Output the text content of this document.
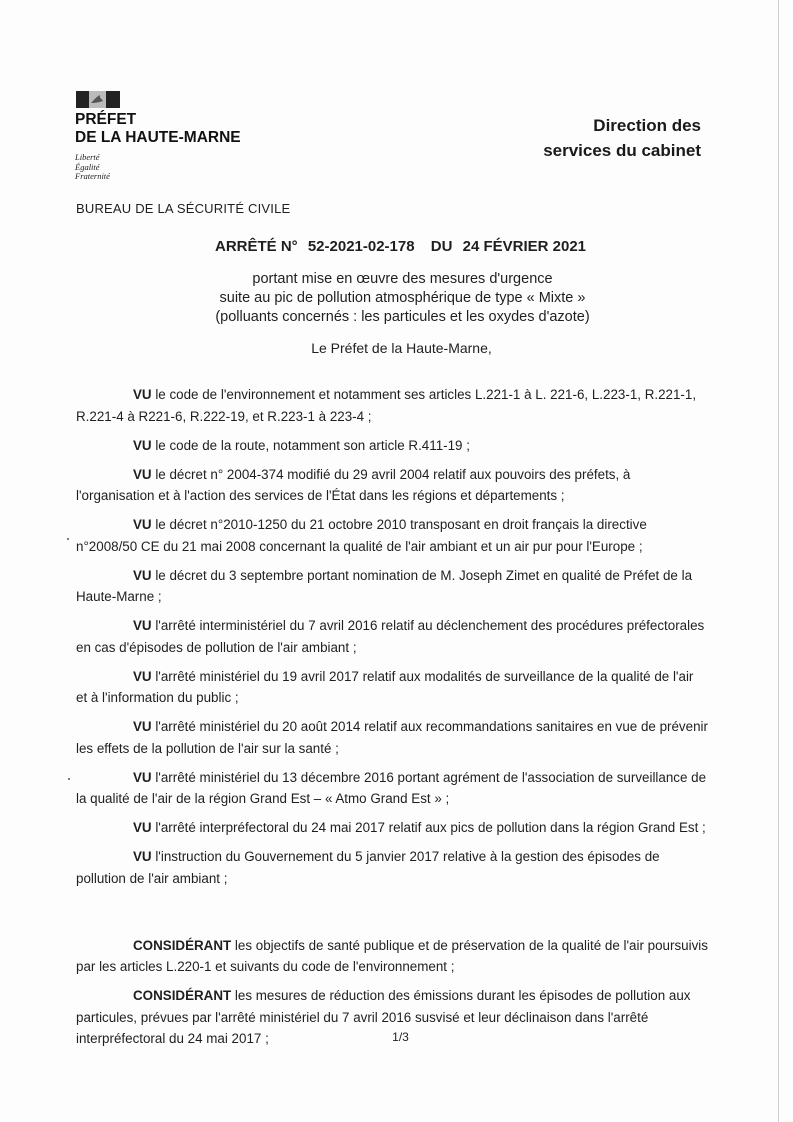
PRÉFET
DE LA HAUTE-MARNE
Liberté
Égalité
Fraternité
Direction des
services du cabinet
BUREAU DE LA SÉCURITÉ CIVILE
ARRÊTÉ N° 52-2021-02-178 DU 24 FÉVRIER 2021
portant mise en œuvre des mesures d'urgence
suite au pic de pollution atmosphérique de type « Mixte »
(polluants concernés : les particules et les oxydes d'azote)
Le Préfet de la Haute-Marne,

VU le code de l'environnement et notamment ses articles L.221-1 à L. 221-6, L.223-1, R.221-1, R.221-4 à R221-6, R.222-19, et R.223-1 à 223-4 ;

VU le code de la route, notamment son article R.411-19 ;

VU le décret n° 2004-374 modifié du 29 avril 2004 relatif aux pouvoirs des préfets, à l'organisation et à l'action des services de l'État dans les régions et départements ;

VU le décret n°2010-1250 du 21 octobre 2010 transposant en droit français la directive n°2008/50 CE du 21 mai 2008 concernant la qualité de l'air ambiant et un air pur pour l'Europe ;

VU le décret du 3 septembre portant nomination de M. Joseph Zimet en qualité de Préfet de la Haute-Marne ;

VU l'arrêté interministériel du 7 avril 2016 relatif au déclenchement des procédures préfectorales en cas d'épisodes de pollution de l'air ambiant ;

VU l'arrêté ministériel du 19 avril 2017 relatif aux modalités de surveillance de la qualité de l'air et à l'information du public ;

VU l'arrêté ministériel du 20 août 2014 relatif aux recommandations sanitaires en vue de prévenir les effets de la pollution de l'air sur la santé ;

VU l'arrêté ministériel du 13 décembre 2016 portant agrément de l'association de surveillance de la qualité de l'air de la région Grand Est – « Atmo Grand Est » ;

VU l'arrêté interpréfectoral du 24 mai 2017 relatif aux pics de pollution dans la région Grand Est ;

VU l'instruction du Gouvernement du 5 janvier 2017 relative à la gestion des épisodes de pollution de l'air ambiant ;

CONSIDÉRANT les objectifs de santé publique et de préservation de la qualité de l'air poursuivis par les articles L.220-1 et suivants du code de l'environnement ;

CONSIDÉRANT les mesures de réduction des émissions durant les épisodes de pollution aux particules, prévues par l'arrêté ministériel du 7 avril 2016 susvisé et leur déclinaison dans l'arrêté interpréfectoral du 24 mai 2017 ;	1/3
